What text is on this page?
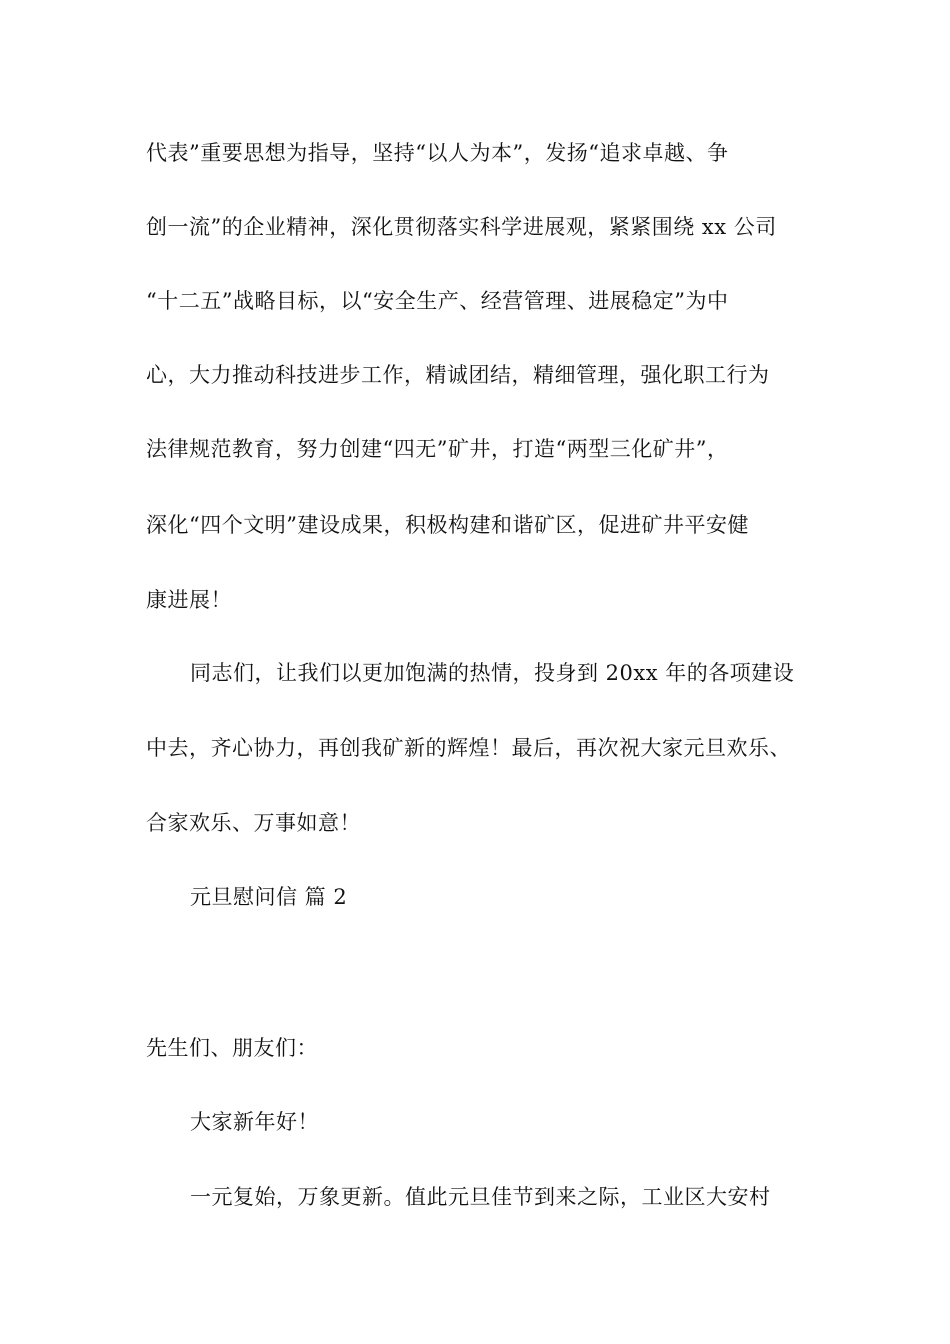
代表”重要思想为指导，坚持“以人为本”，发扬“追求卓越、争
创一流”的企业精神，深化贯彻落实科学进展观，紧紧围绕 xx 公司
“十二五”战略目标，以“安全生产、经营管理、进展稳定”为中
心，大力推动科技进步工作，精诚团结，精细管理，强化职工行为
法律规范教育，努力创建“四无”矿井，打造“两型三化矿井”，
深化“四个文明”建设成果，积极构建和谐矿区，促进矿井平安健
康进展！
同志们，让我们以更加饱满的热情，投身到 20xx 年的各项建设
中去，齐心协力，再创我矿新的辉煌！最后，再次祝大家元旦欢乐、
合家欢乐、万事如意！
元旦慰问信 篇 2
先生们、朋友们：
大家新年好！
一元复始，万象更新。值此元旦佳节到来之际，工业区大安村
